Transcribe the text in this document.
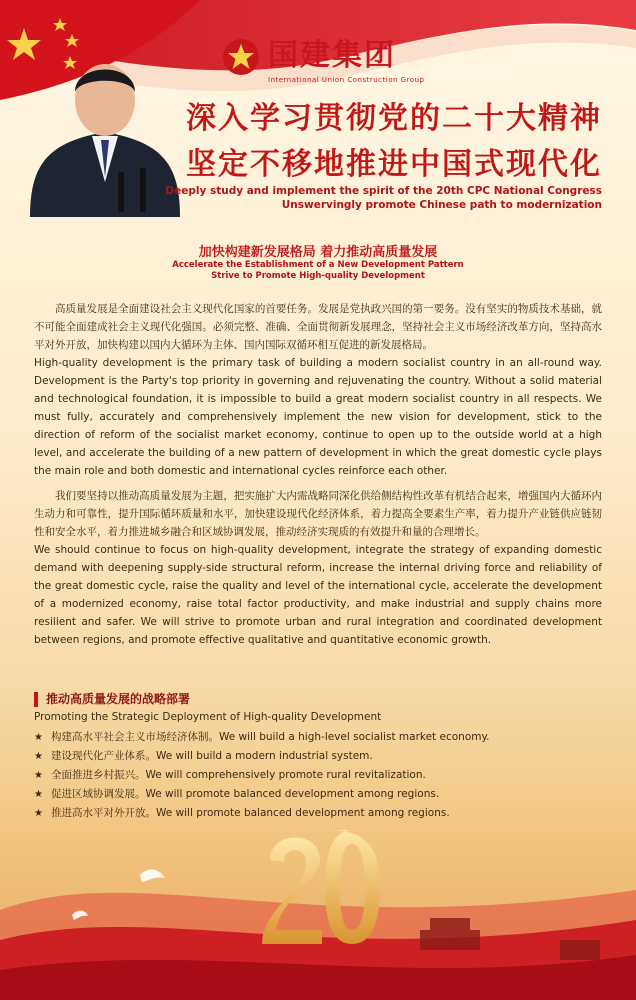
国建集团
International Union Construction Group
深入学习贯彻党的二十大精神
坚定不移地推进中国式现代化
Deeply study and implement the spirit of the 20th CPC National Congress
Unswervingly promote Chinese path to modernization
加快构建新发展格局 着力推动高质量发展
Accelerate the Establishment of a New Development Pattern
Strive to Promote High-quality Development
高质量发展是全面建设社会主义现代化国家的首要任务。发展是党执政兴国的第一要务。没有坚实的物质技术基础，就不可能全面建成社会主义现代化强国。必须完整、准确、全面贯彻新发展理念，坚持社会主义市场经济改革方向，坚持高水平对外开放，加快构建以国内大循环为主体、国内国际双循环相互促进的新发展格局。
High-quality development is the primary task of building a modern socialist country in an all-round way. Development is the Party's top priority in governing and rejuvenating the country. Without a solid material and technological foundation, it is impossible to build a great modern socialist country in all respects. We must fully, accurately and comprehensively implement the new vision for development, stick to the direction of reform of the socialist market economy, continue to open up to the outside world at a high level, and accelerate the building of a new pattern of development in which the great domestic cycle plays the main role and both domestic and international cycles reinforce each other.
我们要坚持以推动高质量发展为主题，把实施扩大内需战略同深化供给侧结构性改革有机结合起来，增强国内大循环内生动力和可靠性，提升国际循环质量和水平，加快建设现代化经济体系，着力提高全要素生产率，着力提升产业链供应链韧性和安全水平，着力推进城乡融合和区域协调发展，推动经济实现质的有效提升和量的合理增长。
We should continue to focus on high-quality development, integrate the strategy of expanding domestic demand with deepening supply-side structural reform, increase the internal driving force and reliability of the great domestic cycle, raise the quality and level of the international cycle, accelerate the development of a modernized economy, raise total factor productivity, and make industrial and supply chains more resilient and safer. We will strive to promote urban and rural integration and coordinated development between regions, and promote effective qualitative and quantitative economic growth.
推动高质量发展的战略部署
Promoting the Strategic Deployment of High-quality Development
★ 构建高水平社会主义市场经济体制。We will build a high-level socialist market economy.
★ 建设现代化产业体系。We will build a modern industrial system.
★ 全面推进乡村振兴。We will comprehensively promote rural revitalization.
★ 促进区域协调发展。We will promote balanced development among regions.
★ 推进高水平对外开放。We will promote balanced development among regions.
